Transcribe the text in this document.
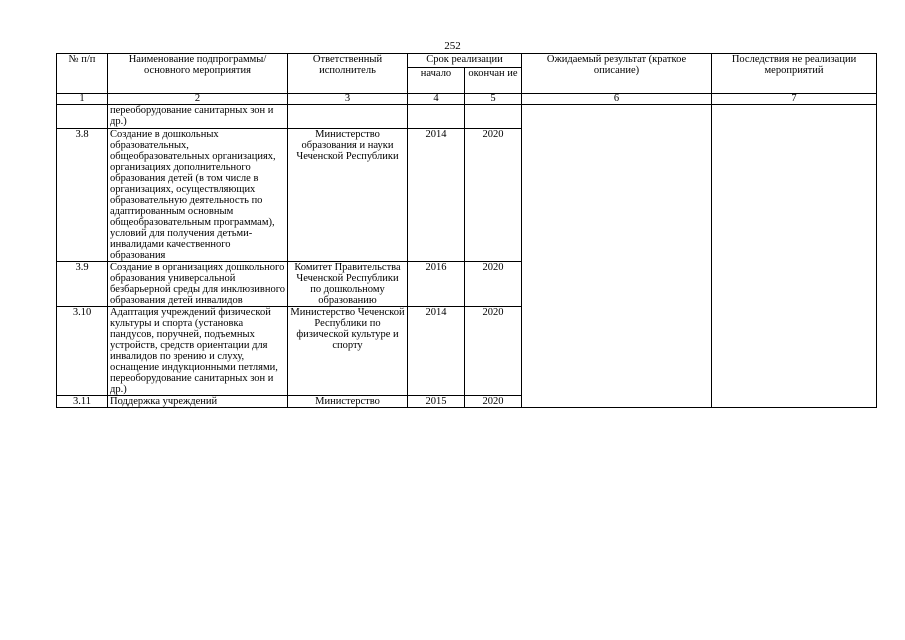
252
№ п/п	Наименование подпрограммы/ основного мероприятия	Ответственный исполнитель	Срок реализации		Ожидаемый результат (краткое описание)	Последствия не реализации мероприятий
			начало	окончан ие		
1	2	3	4	5	6	7
	переоборудование санитарных зон и др.)					
3.8	Создание в дошкольных образовательных, общеобразовательных организациях, организациях дополнительного образования детей (в том числе в организациях, осуществляющих образовательную деятельность по адаптированным основным общеобразовательным программам), условий для получения детьми-инвалидами качественного образования	Министерство образования и науки Чеченской Республики	2014	2020		
3.9	Создание в организациях дошкольного образования универсальной безбарьерной среды для инклюзивного образования детей инвалидов	Комитет Правительства Чеченской Республики по дошкольному образованию	2016	2020		
3.10	Адаптация учреждений физической культуры и спорта (установка пандусов, поручней, подъемных устройств, средств ориентации для инвалидов по зрению и слуху, оснащение индукционными петлями, переоборудование санитарных зон и др.)	Министерство Чеченской Республики по физической культуре и спорту	2014	2020		
3.11	Поддержка учреждений	Министерство	2015	2020		
